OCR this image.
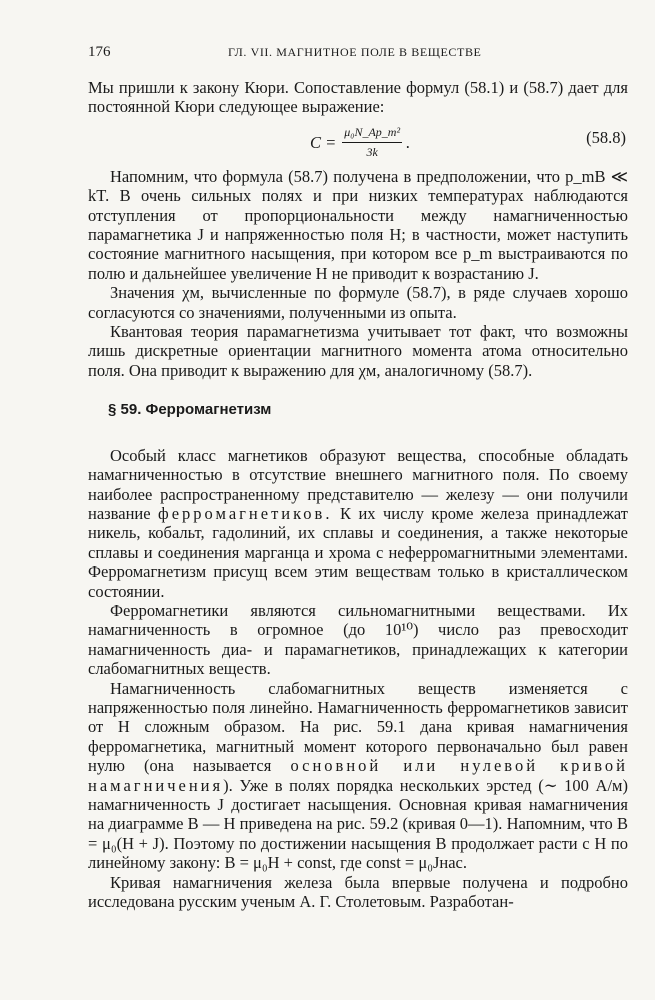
176	ГЛ. VII. МАГНИТНОЕ ПОЛЕ В ВЕЩЕСТВЕ

Мы пришли к закону Кюри. Сопоставление формул (58.1) и (58.7) дает для постоянной Кюри следующее выражение:

$C = \frac{\text{μ₀N\_Ap\_m²}}{3k}$ .	(58.8)

Напомним, что формула (58.7) получена в предположении, что p_mB ≪ kT. В очень сильных полях и при низких температурах наблюдаются отступления от пропорциональности между намагниченностью парамагнетика J и напряженностью поля H; в частности, может наступить состояние магнитного насыщения, при котором все p_m выстраиваются по полю и дальнейшее увеличение H не приводит к возрастанию J.

Значения χм, вычисленные по формуле (58.7), в ряде случаев хорошо согласуются со значениями, полученными из опыта.

Квантовая теория парамагнетизма учитывает тот факт, что возможны лишь дискретные ориентации магнитного момента атома относительно поля. Она приводит к выражению для χм, аналогичному (58.7).

§ 59. Ферромагнетизм

Особый класс магнетиков образуют вещества, способные обладать намагниченностью в отсутствие внешнего магнитного поля. По своему наиболее распространенному представителю — железу — они получили название ферромагнетиков. К их числу кроме железа принадлежат никель, кобальт, гадолиний, их сплавы и соединения, а также некоторые сплавы и соединения марганца и хрома с неферромагнитными элементами. Ферромагнетизм присущ всем этим веществам только в кристаллическом состоянии.

Ферромагнетики являются сильномагнитными веществами. Их намагниченность в огромное (до 10¹⁰) число раз превосходит намагниченность диа- и парамагнетиков, принадлежащих к категории слабомагнитных веществ.

Намагниченность слабомагнитных веществ изменяется с напряженностью поля линейно. Намагниченность ферромагнетиков зависит от H сложным образом. На рис. 59.1 дана кривая намагничения ферромагнетика, магнитный момент которого первоначально был равен нулю (она называется основной или нулевой кривой намагничения). Уже в полях порядка нескольких эрстед (∼ 100 А/м) намагниченность J достигает насыщения. Основная кривая намагничения на диаграмме B — H приведена на рис. 59.2 (кривая 0—1). Напомним, что B = μ₀(H + J). Поэтому по достижении насыщения B продолжает расти с H по линейному закону: B = μ₀H + const, где const = μ₀Jнас.

Кривая намагничения железа была впервые получена и подробно исследована русским ученым А. Г. Столетовым. Разработан-
